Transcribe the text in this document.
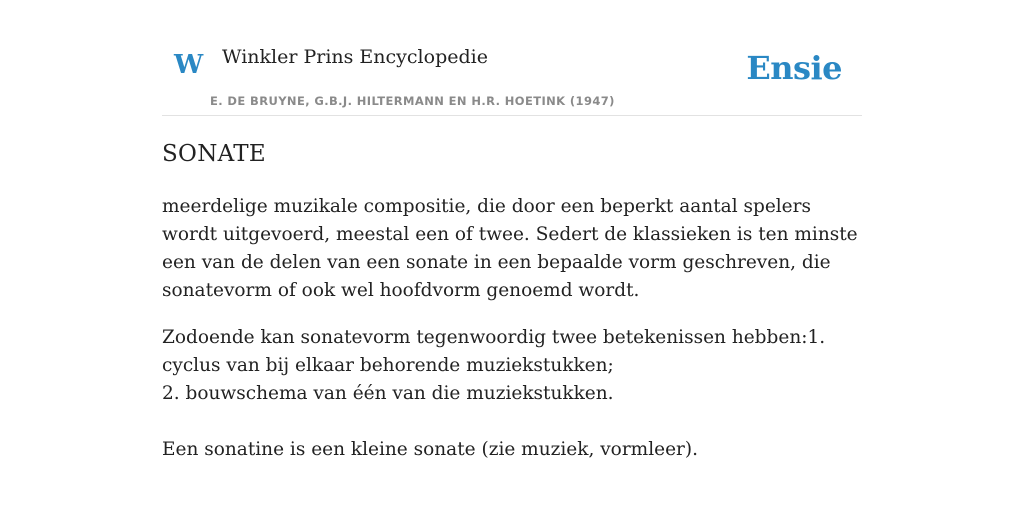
W Winkler Prins Encyclopedie	Ensie
E. DE BRUYNE, G.B.J. HILTERMANN EN H.R. HOETINK (1947)
SONATE

meerdelige muzikale compositie, die door een beperkt aantal spelers wordt uitgevoerd, meestal een of twee. Sedert de klassieken is ten minste een van de delen van een sonate in een bepaalde vorm geschreven, die sonatevorm of ook wel hoofdvorm genoemd wordt.

Zodoende kan sonatevorm tegenwoordig twee betekenissen hebben:1. cyclus van bij elkaar behorende muziekstukken;

2. bouwschema van één van die muziekstukken.

Een sonatine is een kleine sonate (zie muziek, vormleer).
